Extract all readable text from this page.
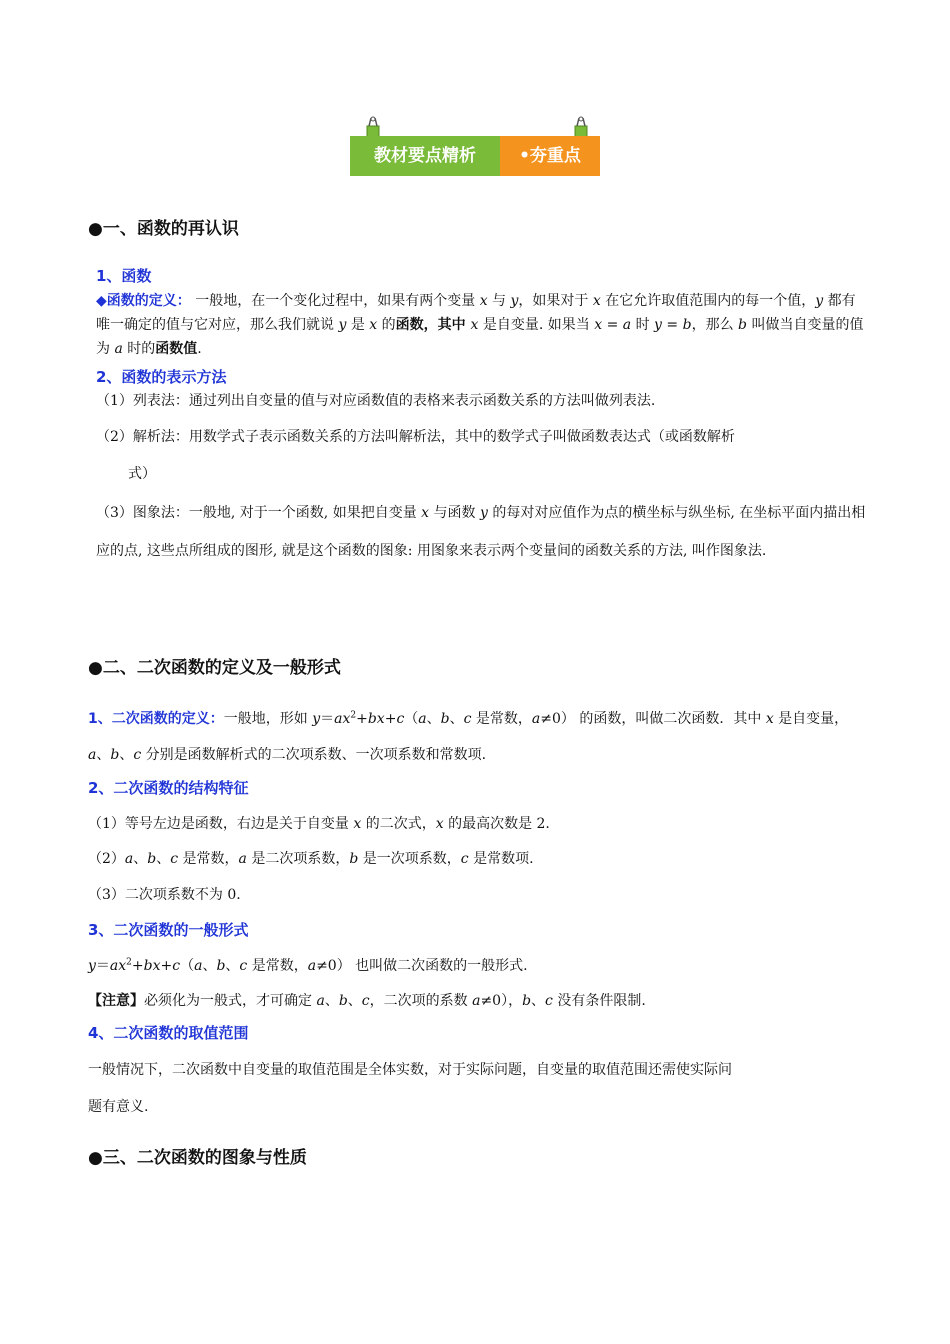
教材要点精析	•夯重点
●一、函数的再认识
1、函数
◆函数的定义： 一般地，在一个变化过程中，如果有两个变量 x 与 y，如果对于 x 在它允许取值范围内的每一个值，y 都有唯一确定的值与它对应，那么我们就说 y 是 x 的函数，其中 x 是自变量. 如果当 x = a 时 y = b，那么 b 叫做当自变量的值为 a 时的函数值.
2、函数的表示方法
（1）列表法：通过列出自变量的值与对应函数值的表格来表示函数关系的方法叫做列表法.
（2）解析法：用数学式子表示函数关系的方法叫解析法，其中的数学式子叫做函数表达式（或函数解析
式）
（3）图象法：一般地, 对于一个函数, 如果把自变量 x 与函数 y 的每对对应值作为点的横坐标与纵坐标, 在坐标平面内描出相应的点, 这些点所组成的图形, 就是这个函数的图象: 用图象来表示两个变量间的函数关系的方法, 叫作图象法.
●二、二次函数的定义及一般形式
1、二次函数的定义：一般地，形如 $y=ax^2+bx+c(a$、b、c 是常数，a≠0） 的函数，叫做二次函数．其中 x 是自变量，a、b、c 分别是函数解析式的二次项系数、一次项系数和常数项.
2、二次函数的结构特征
（1）等号左边是函数，右边是关于自变量 x 的二次式，x 的最高次数是 2.
（2）a、b、c 是常数，a 是二次项系数，b 是一次项系数，c 是常数项.
（3）二次项系数不为 0.
3、二次函数的一般形式
$y=ax^2+bx+c(a$、b、c 是常数，a≠0） 也叫做二次函数的一般形式.
【注意】必须化为一般式，才可确定 a、b、c，二次项的系数 a≠0），b、c 没有条件限制.
4、二次函数的取值范围
一般情况下，二次函数中自变量的取值范围是全体实数，对于实际问题，自变量的取值范围还需使实际问
题有意义.
●三、二次函数的图象与性质
